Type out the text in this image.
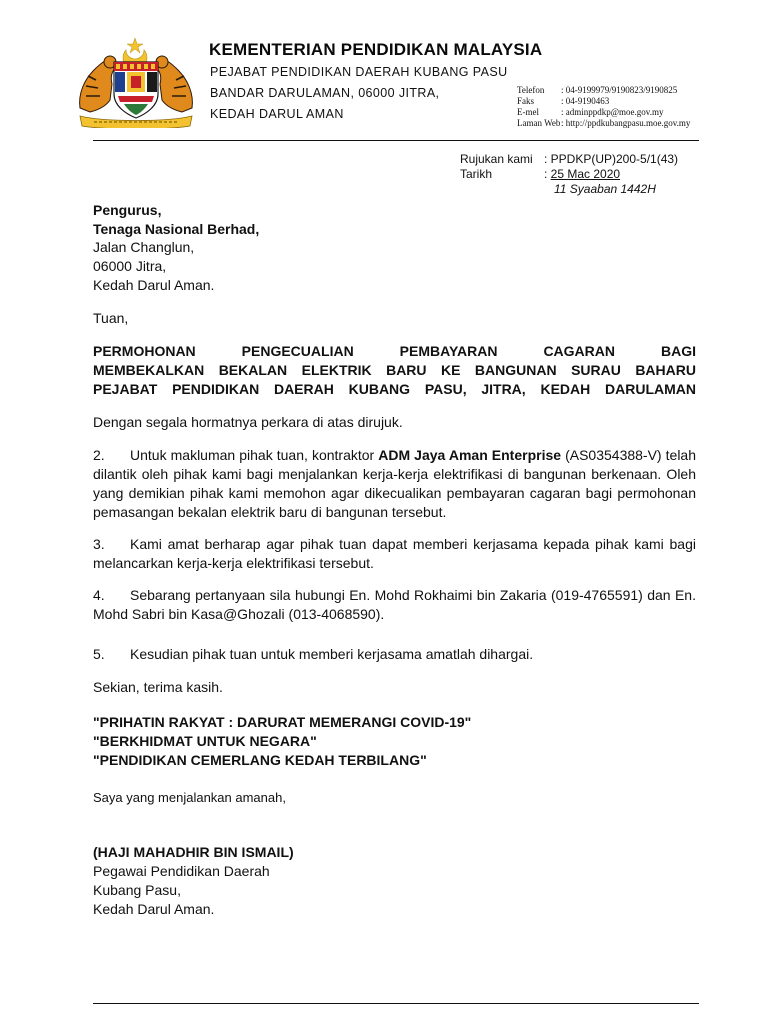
KEMENTERIAN PENDIDIKAN MALAYSIA
PEJABAT PENDIDIKAN DAERAH KUBANG PASU
BANDAR DARULAMAN, 06000 JITRA,
KEDAH DARUL AMAN
Telefon : 04-9199979/9190823/9190825
Faks	: 04-9190463
E-mel : adminppdkp@moe.gov.my
Laman Web: http://ppdkubangpasu.moe.gov.my
Rujukan kami : PPDKP(UP)200-5/1(43)
Tarikh	: 25 Mac 2020
11 Syaaban 1442H
Pengurus,
Tenaga Nasional Berhad,
Jalan Changlun,
06000 Jitra,
Kedah Darul Aman.
Tuan,
PERMOHONAN PENGECUALIAN PEMBAYARAN CAGARAN BAGI
MEMBEKALKAN BEKALAN ELEKTRIK BARU KE BANGUNAN SURAU BAHARU
PEJABAT PENDIDIKAN DAERAH KUBANG PASU, JITRA, KEDAH DARULAMAN
Dengan segala hormatnya perkara di atas dirujuk.
2. Untuk makluman pihak tuan, kontraktor ADM Jaya Aman Enterprise (AS0354388-V) telah dilantik oleh pihak kami bagi menjalankan kerja-kerja elektrifikasi di bangunan berkenaan. Oleh yang demikian pihak kami memohon agar dikecualikan pembayaran cagaran bagi permohonan pemasangan bekalan elektrik baru di bangunan tersebut.
3. Kami amat berharap agar pihak tuan dapat memberi kerjasama kepada pihak kami bagi melancarkan kerja-kerja elektrifikasi tersebut.
4. Sebarang pertanyaan sila hubungi En. Mohd Rokhaimi bin Zakaria (019-4765591) dan En. Mohd Sabri bin Kasa@Ghozali (013-4068590).
5. Kesudian pihak tuan untuk memberi kerjasama amatlah dihargai.
Sekian, terima kasih.
"PRIHATIN RAKYAT : DARURAT MEMERANGI COVID-19"
"BERKHIDMAT UNTUK NEGARA"
"PENDIDIKAN CEMERLANG KEDAH TERBILANG"
Saya yang menjalankan amanah,
(HAJI MAHADHIR BIN ISMAIL)
Pegawai Pendidikan Daerah
Kubang Pasu,
Kedah Darul Aman.
